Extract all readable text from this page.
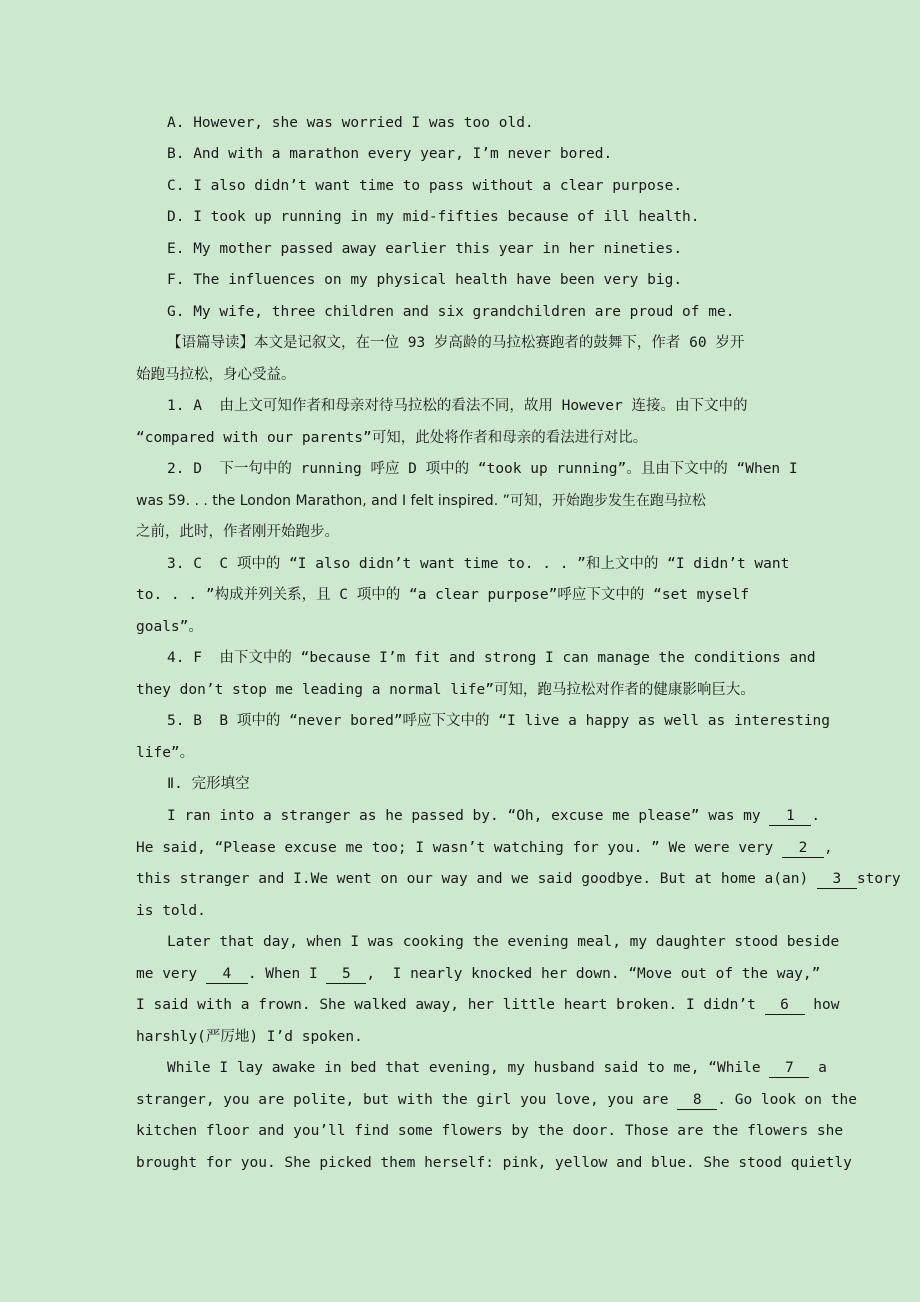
A. However, she was worried I was too old.
B. And with a marathon every year, I’m never bored.
C. I also didn’t want time to pass without a clear purpose.
D. I took up running in my mid-fifties because of ill health.
E. My mother passed away earlier this year in her nineties.
F. The influences on my physical health have been very big.
G. My wife, three children and six grandchildren are proud of me.
【语篇导读】本文是记叙文，在一位 93 岁高龄的马拉松赛跑者的鼓舞下，作者 60 岁开
始跑马拉松，身心受益。
1. A  由上文可知作者和母亲对待马拉松的看法不同，故用 However 连接。由下文中的
“compared with our parents”可知，此处将作者和母亲的看法进行对比。
2. D  下一句中的 running 呼应 D 项中的 “took up running”。且由下文中的 “When I
was 59. . . the London Marathon, and I felt inspired. ”可知，开始跑步发生在跑马拉松
之前，此时，作者刚开始跑步。
3. C  C 项中的 “I also didn’t want time to. . . ”和上文中的 “I didn’t want
to. . . ”构成并列关系，且 C 项中的 “a clear purpose”呼应下文中的 “set myself
goals”。
4. F  由下文中的 “because I’m fit and strong I can manage the conditions and
they don’t stop me leading a normal life”可知，跑马拉松对作者的健康影响巨大。
5. B  B 项中的 “never bored”呼应下文中的 “I live a happy as well as interesting
life”。
Ⅱ. 完形填空
I ran into a stranger as he passed by. “Oh, excuse me please” was my 1 .
He said, “Please excuse me too; I wasn’t watching for you. ” We were very 2 ,
this stranger and I.We went on our way and we said goodbye. But at home a(an) 3 story
is told.
Later that day, when I was cooking the evening meal, my daughter stood beside
me very 4 . When I 5 ,  I nearly knocked her down. “Move out of the way,”
I said with a frown. She walked away, her little heart broken. I didn’t 6 how
harshly(严厉地) I’d spoken.
While I lay awake in bed that evening, my husband said to me, “While 7 a
stranger, you are polite, but with the girl you love, you are 8 . Go look on the
kitchen floor and you’ll find some flowers by the door. Those are the flowers she
brought for you. She picked them herself: pink, yellow and blue. She stood quietly
